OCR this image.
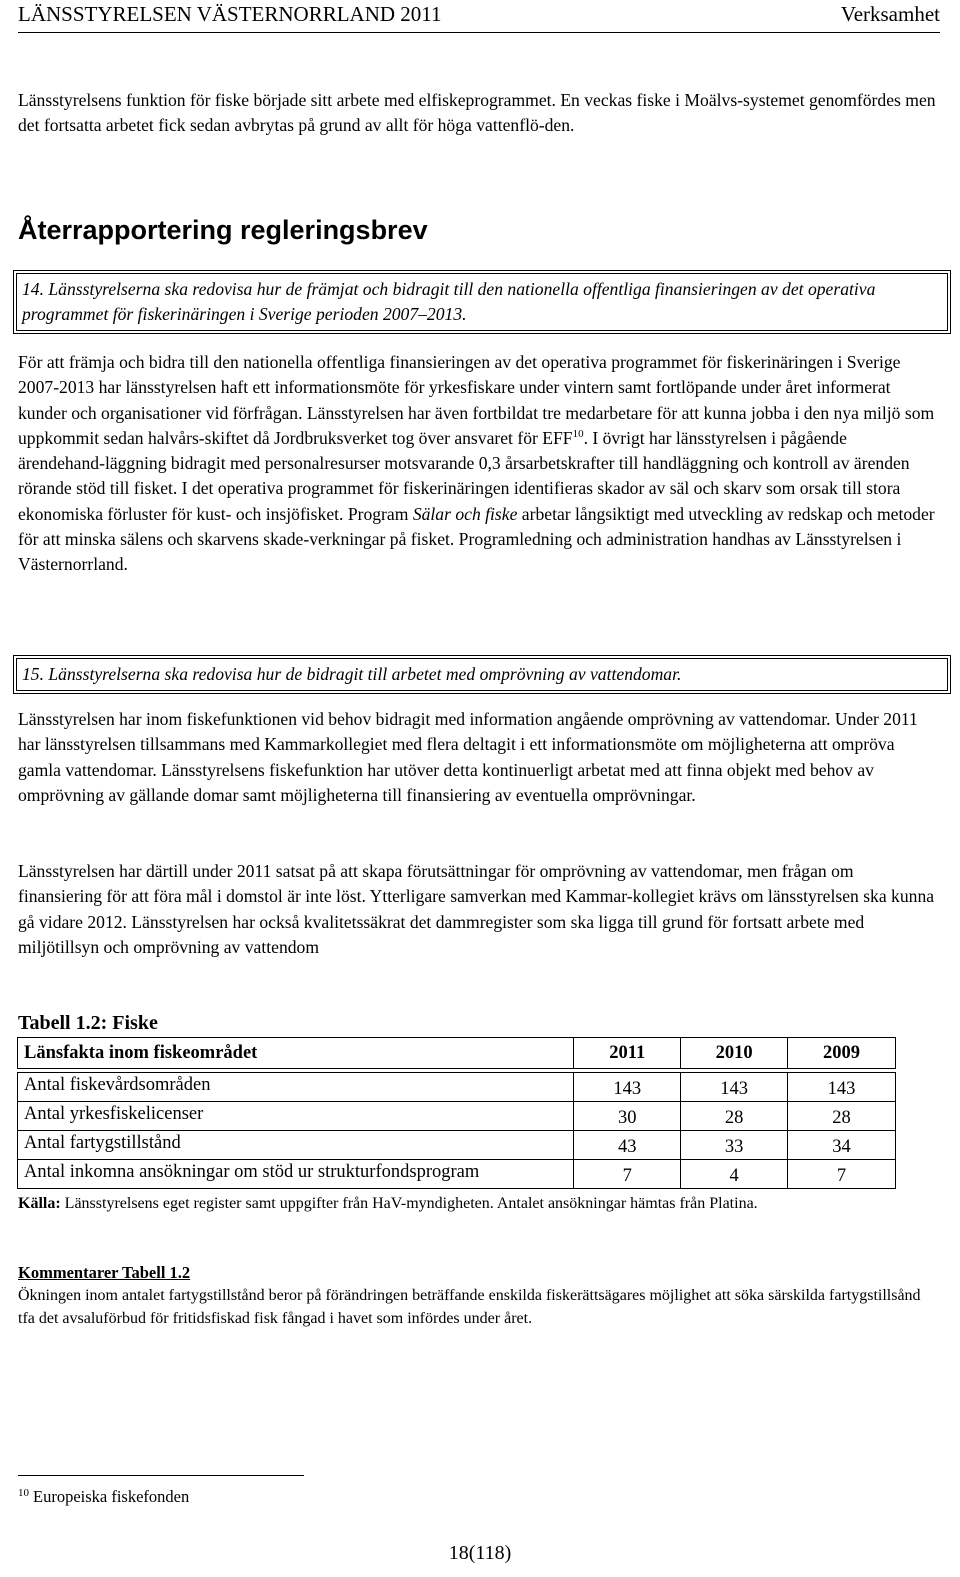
LÄNSSTYRELSEN VÄSTERNORRLAND 2011	Verksamhet

Länsstyrelsens funktion för fiske började sitt arbete med elfiskeprogrammet. En veckas fiske i Moälvs-systemet genomfördes men det fortsatta arbetet fick sedan avbrytas på grund av allt för höga vattenflö-den.

Återrapportering regleringsbrev
14. Länsstyrelserna ska redovisa hur de främjat och bidragit till den nationella offentliga finansieringen av det operativa programmet för fiskerinäringen i Sverige perioden 2007–2013.

För att främja och bidra till den nationella offentliga finansieringen av det operativa programmet för fiskerinäringen i Sverige 2007-2013 har länsstyrelsen haft ett informationsmöte för yrkesfiskare under vintern samt fortlöpande under året informerat kunder och organisationer vid förfrågan. Länsstyrelsen har även fortbildat tre medarbetare för att kunna jobba i den nya miljö som uppkommit sedan halvårs-skiftet då Jordbruksverket tog över ansvaret för EFF$^{10}$. I övrigt har länsstyrelsen i pågående ärendehand-läggning bidragit med personalresurser motsvarande 0,3 årsarbetskrafter till handläggning och kontroll av ärenden rörande stöd till fisket. I det operativa programmet för fiskerinäringen identifieras skador av säl och skarv som orsak till stora ekonomiska förluster för kust- och insjöfisket. Program Sälar och fiske arbetar långsiktigt med utveckling av redskap och metoder för att minska sälens och skarvens skade-verkningar på fisket. Programledning och administration handhas av Länsstyrelsen i Västernorrland.

15. Länsstyrelserna ska redovisa hur de bidragit till arbetet med omprövning av vattendomar.

Länsstyrelsen har inom fiskefunktionen vid behov bidragit med information angående omprövning av vattendomar. Under 2011 har länsstyrelsen tillsammans med Kammarkollegiet med flera deltagit i ett informationsmöte om möjligheterna att ompröva gamla vattendomar. Länsstyrelsens fiskefunktion har utöver detta kontinuerligt arbetat med att finna objekt med behov av omprövning av gällande domar samt möjligheterna till finansiering av eventuella omprövningar.

Länsstyrelsen har därtill under 2011 satsat på att skapa förutsättningar för omprövning av vattendomar, men frågan om finansiering för att föra mål i domstol är inte löst. Ytterligare samverkan med Kammar-kollegiet krävs om länsstyrelsen ska kunna gå vidare 2012. Länsstyrelsen har också kvalitetssäkrat det dammregister som ska ligga till grund för fortsatt arbete med miljötillsyn och omprövning av vattendom

Tabell 1.2: Fiske
Länsfakta inom fiskeområdet	2011	2010	2009

Antal fiskevårdsområden	143	143	143
Antal yrkesfiskelicenser	30	28	28
Antal fartygstillstånd	43	33	34
Antal inkomna ansökningar om stöd ur strukturfondsprogram	7	4	7

Källa: Länsstyrelsens eget register samt uppgifter från HaV-myndigheten. Antalet ansökningar hämtas från Platina.

Kommentarer Tabell 1.2

Ökningen inom antalet fartygstillstånd beror på förändringen beträffande enskilda fiskerättsägares möjlighet att söka särskilda fartygstillsånd tfa det avsaluförbud för fritidsfiskad fisk fångad i havet som infördes under året.

$^{10}$ Europeiska fiskefonden

18(118)
